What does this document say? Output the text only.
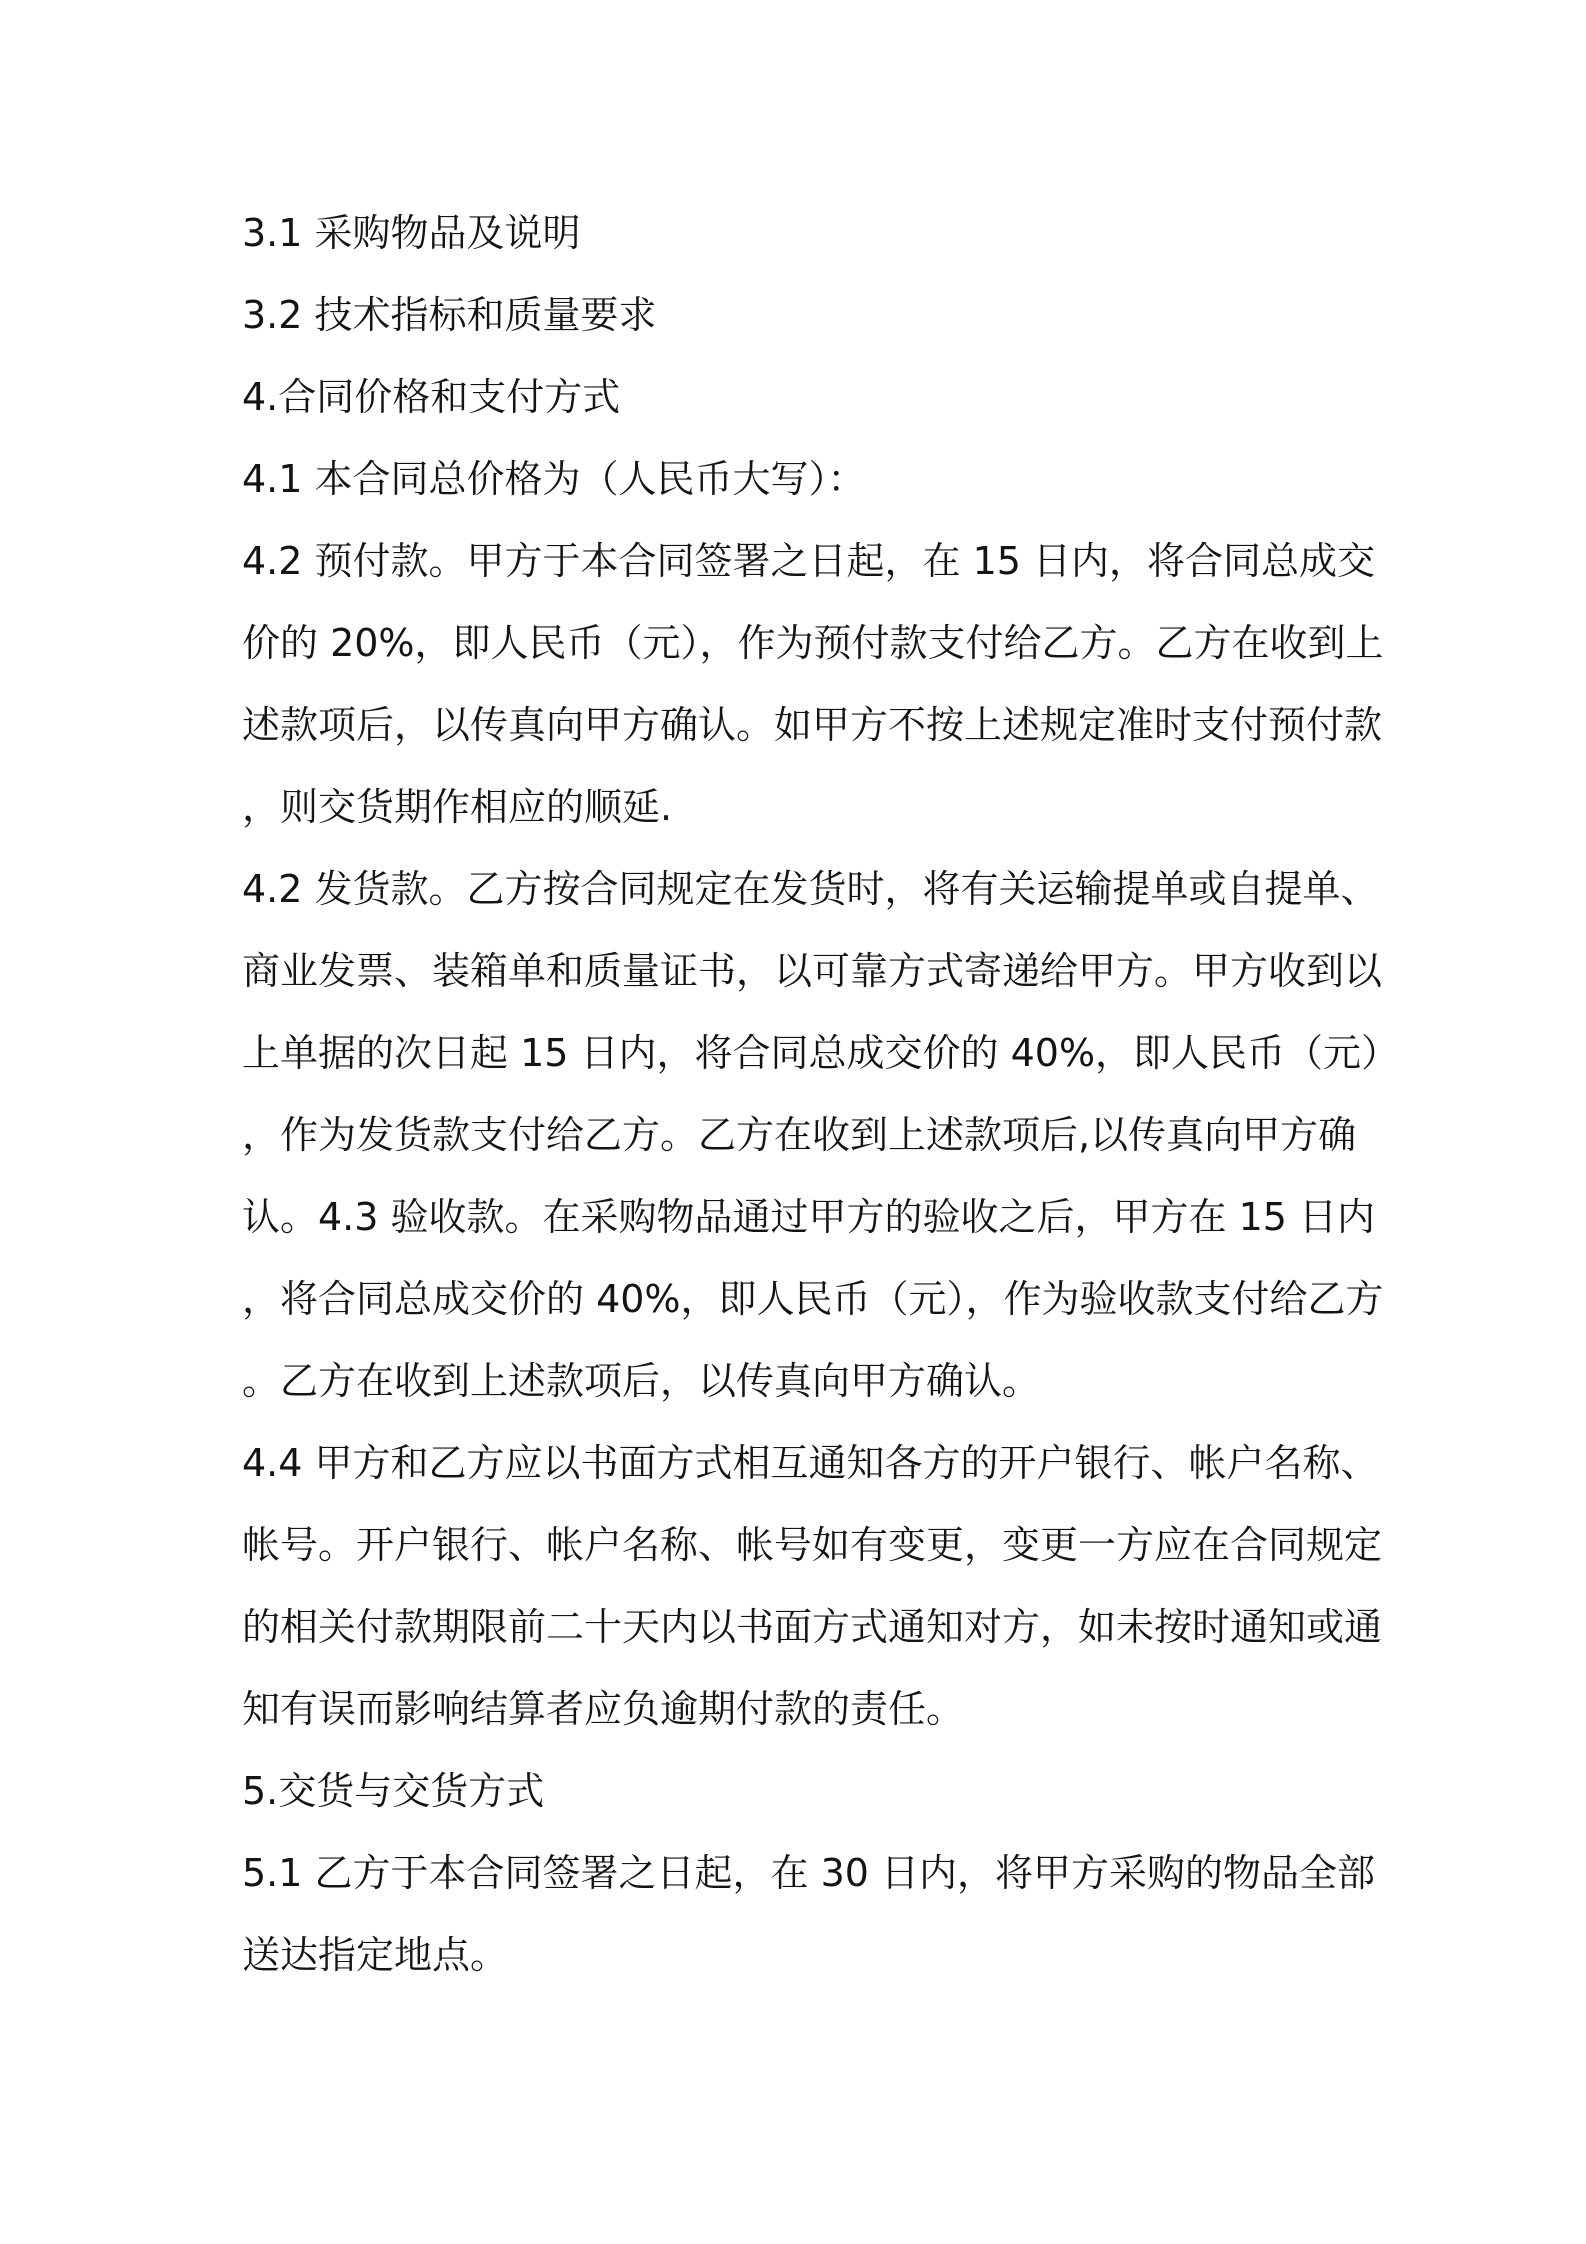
3.1 采购物品及说明

3.2 技术指标和质量要求

4.合同价格和支付方式

4.1 本合同总价格为（人民币大写）：

4.2 预付款。甲方于本合同签署之日起，在 15 日内，将合同总成交

价的 20%，即人民币（元），作为预付款支付给乙方。乙方在收到上

述款项后，以传真向甲方确认。如甲方不按上述规定准时支付预付款

，则交货期作相应的顺延.

4.2 发货款。乙方按合同规定在发货时，将有关运输提单或自提单、

商业发票、装箱单和质量证书，以可靠方式寄递给甲方。甲方收到以

上单据的次日起 15 日内，将合同总成交价的 40%，即人民币（元）

，作为发货款支付给乙方。乙方在收到上述款项后,以传真向甲方确

认。4.3 验收款。在采购物品通过甲方的验收之后，甲方在 15 日内

，将合同总成交价的 40%，即人民币（元），作为验收款支付给乙方

。乙方在收到上述款项后，以传真向甲方确认。

4.4 甲方和乙方应以书面方式相互通知各方的开户银行、帐户名称、

帐号。开户银行、帐户名称、帐号如有变更，变更一方应在合同规定

的相关付款期限前二十天内以书面方式通知对方，如未按时通知或通

知有误而影响结算者应负逾期付款的责任。

5.交货与交货方式

5.1 乙方于本合同签署之日起，在 30 日内，将甲方采购的物品全部

送达指定地点。
